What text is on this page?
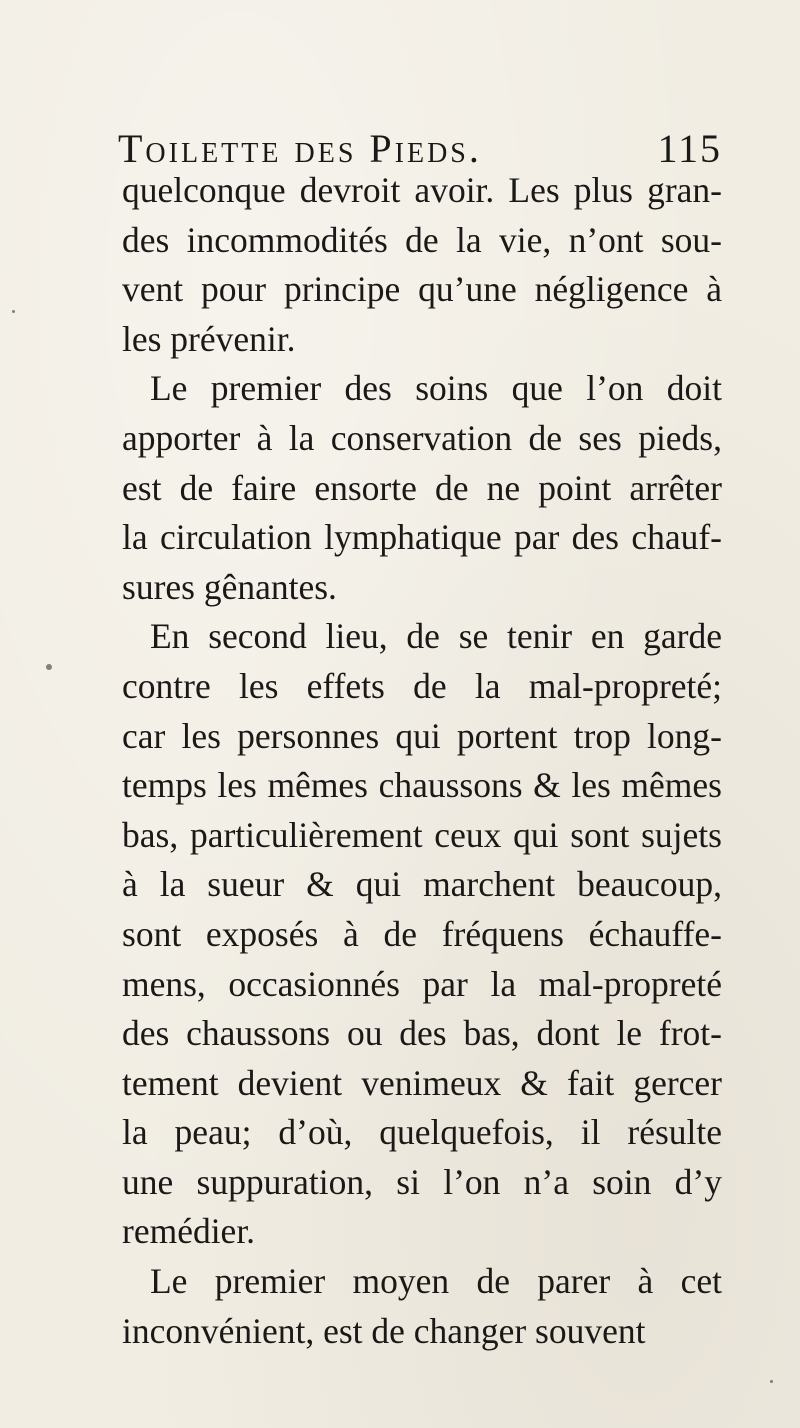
Toilette des Pieds.	115
quelconque devroit avoir. Les plus gran-
des incommodités de la vie, n’ont sou-
vent pour principe qu’une négligence à
les prévenir.
Le premier des soins que l’on doit
apporter à la conservation de ses pieds,
est de faire ensorte de ne point arrêter
la circulation lymphatique par des chauf-
sures gênantes.
En second lieu, de se tenir en garde
contre les effets de la mal-propreté;
car les personnes qui portent trop long-
temps les mêmes chaussons & les mêmes
bas, particulièrement ceux qui sont sujets
à la sueur & qui marchent beaucoup,
sont exposés à de fréquens échauffe-
mens, occasionnés par la mal-propreté
des chaussons ou des bas, dont le frot-
tement devient venimeux & fait gercer
la peau; d’où, quelquefois, il résulte
une suppuration, si l’on n’a soin d’y
remédier.
Le premier moyen de parer à cet
inconvénient, est de changer souvent
